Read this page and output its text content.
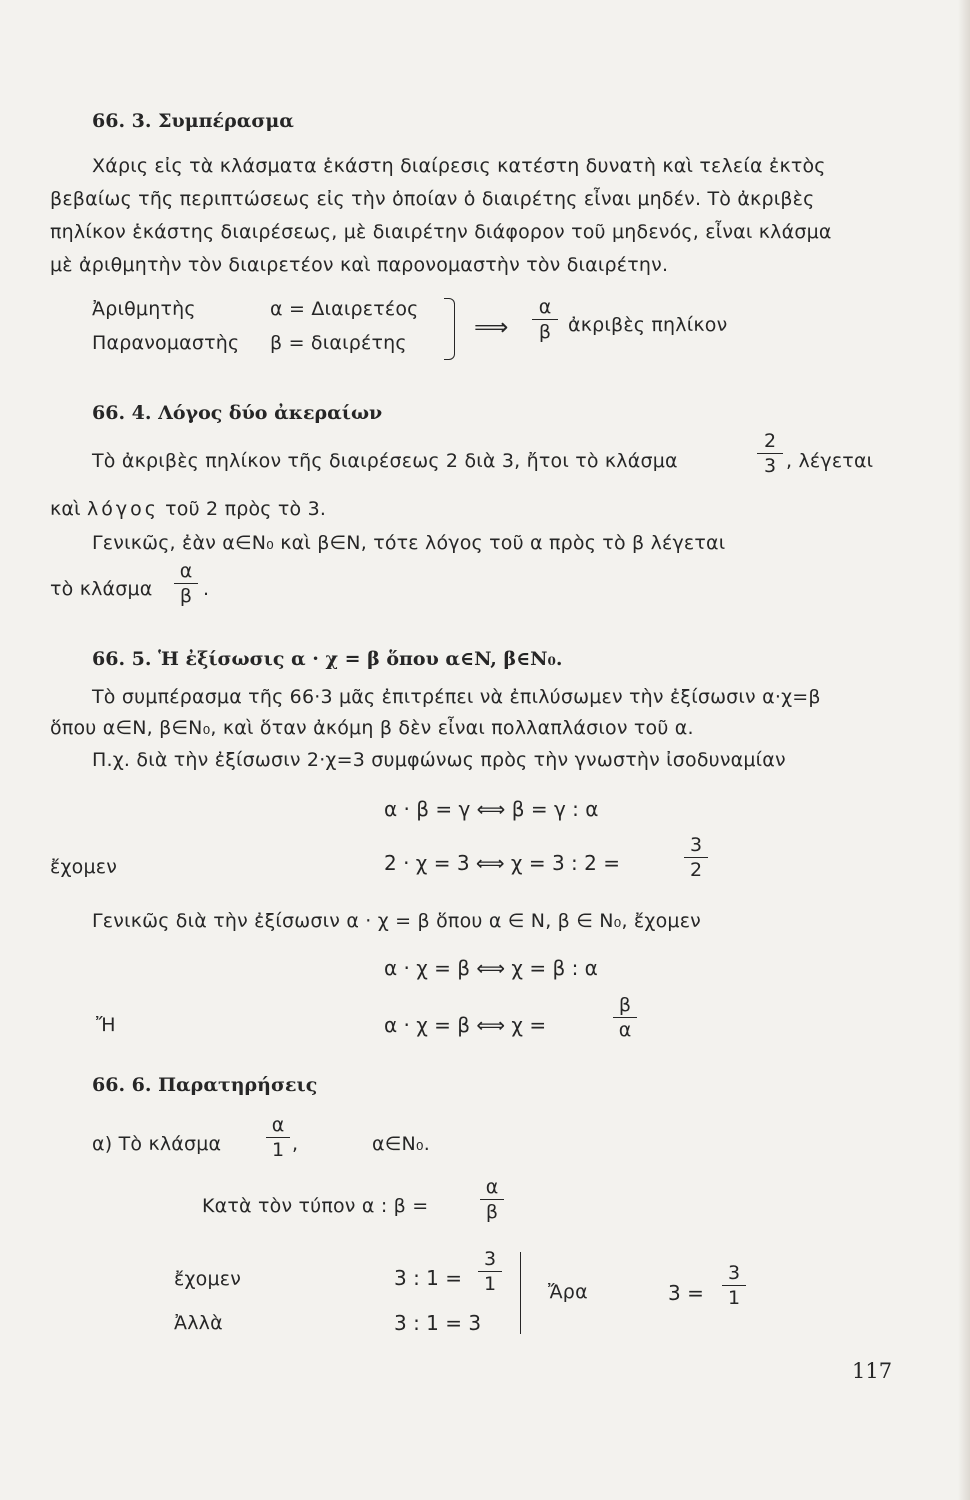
66. 3. Συμπέρασμα
Χάρις εἰς τὰ κλάσματα ἑκάστη διαίρεσις κατέστη δυνατὴ καὶ τελεία ἐκτὸς
βεβαίως τῆς περιπτώσεως εἰς τὴν ὁποίαν ὁ διαιρέτης εἶναι μηδέν. Τὸ ἀκριβὲς
πηλίκον ἑκάστης διαιρέσεως, μὲ διαιρέτην διάφορον τοῦ μηδενός, εἶναι κλάσμα
μὲ ἀριθμητὴν τὸν διαιρετέον καὶ παρονομαστὴν τὸν διαιρέτην.
Ἀριθμητὴς	α = Διαιρετέος
Παρανομαστὴς β = διαιρέτης
⟹
α
β ἀκριβὲς πηλίκον
66. 4. Λόγος δύο ἀκεραίων
Τὸ ἀκριβὲς πηλίκον τῆς διαιρέσεως 2 διὰ 3, ἤτοι τὸ κλάσμα
2
3 , λέγεται
καὶ λόγος τοῦ 2 πρὸς τὸ 3.
Γενικῶς, ἐὰν α∈N₀ καὶ β∈N, τότε λόγος τοῦ α πρὸς τὸ β λέγεται
τὸ κλάσμα
α
β .
66. 5. Ἡ ἐξίσωσις α · χ = β ὅπου α∈N, β∈N₀.
Τὸ συμπέρασμα τῆς 66·3 μᾶς ἐπιτρέπει νὰ ἐπιλύσωμεν τὴν ἐξίσωσιν α·χ=β
ὅπου α∈N, β∈N₀, καὶ ὅταν ἀκόμη β δὲν εἶναι πολλαπλάσιον τοῦ α.
Π.χ. διὰ τὴν ἐξίσωσιν 2·χ=3 συμφώνως πρὸς τὴν γνωστὴν ἰσοδυναμίαν
α · β = γ ⟺ β = γ : α
ἔχομεν	2 · χ = 3 ⟺ χ = 3 : 2 =
3
2
Γενικῶς διὰ τὴν ἐξίσωσιν α · χ = β ὅπου α ∈ N, β ∈ N₀, ἔχομεν
α · χ = β ⟺ χ = β : α
Ἤ	α · χ = β ⟺ χ =
β
α
66. 6. Παρατηρήσεις
α) Τὸ κλάσμα
α
1 ,	α∈N₀.
Κατὰ τὸν τύπον α : β =
α
β
ἔχομεν	3 : 1 =
3
1
Ἀλλὰ	3 : 1 = 3
Ἄρα	3 =
3
1
117
